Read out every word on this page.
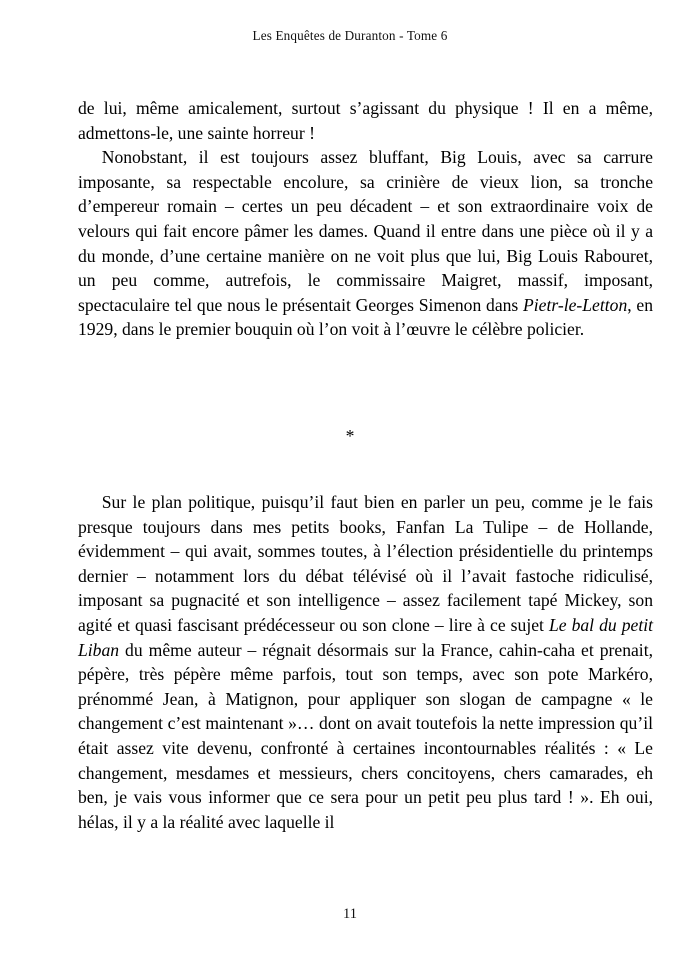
Les Enquêtes de Duranton - Tome 6

de lui, même amicalement, surtout s’agissant du physique ! Il en a même, admettons-le, une sainte horreur !

Nonobstant, il est toujours assez bluffant, Big Louis, avec sa carrure imposante, sa respectable encolure, sa crinière de vieux lion, sa tronche d’empereur romain – certes un peu décadent – et son extraordinaire voix de velours qui fait encore pâmer les dames. Quand il entre dans une pièce où il y a du monde, d’une certaine manière on ne voit plus que lui, Big Louis Rabouret, un peu comme, autrefois, le commissaire Maigret, massif, imposant, spectaculaire tel que nous le présentait Georges Simenon dans Pietr-le-Letton, en 1929, dans le premier bouquin où l’on voit à l’œuvre le célèbre policier.

*

Sur le plan politique, puisqu’il faut bien en parler un peu, comme je le fais presque toujours dans mes petits books, Fanfan La Tulipe – de Hollande, évidemment – qui avait, sommes toutes, à l’élection présidentielle du printemps dernier – notamment lors du débat télévisé où il l’avait fastoche ridiculisé, imposant sa pugnacité et son intelligence – assez facilement tapé Mickey, son agité et quasi fascisant prédécesseur ou son clone – lire à ce sujet Le bal du petit Liban du même auteur – régnait désormais sur la France, cahin-caha et prenait, pépère, très pépère même parfois, tout son temps, avec son pote Markéro, prénommé Jean, à Matignon, pour appliquer son slogan de campagne « le changement c’est maintenant »… dont on avait toutefois la nette impression qu’il était assez vite devenu, confronté à certaines incontournables réalités : « Le changement, mesdames et messieurs, chers concitoyens, chers camarades, eh ben, je vais vous informer que ce sera pour un petit peu plus tard ! ». Eh oui, hélas, il y a la réalité avec laquelle il

11
